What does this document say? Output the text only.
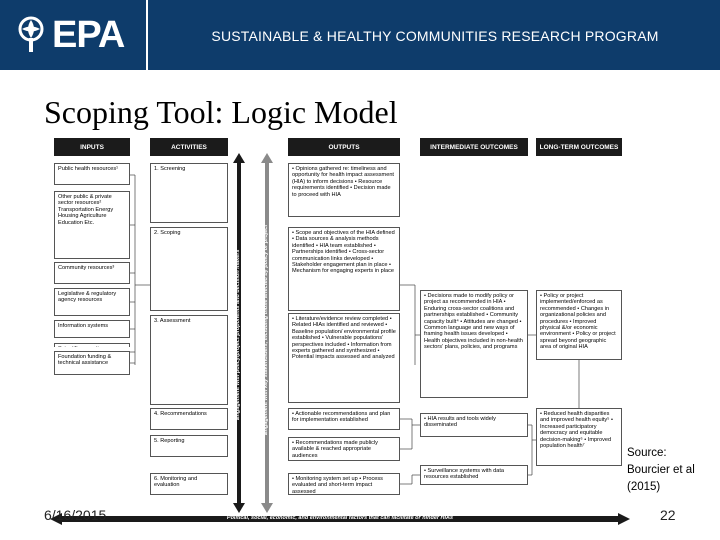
EPA	SUSTAINABLE & HEALTHY COMMUNITIES RESEARCH PROGRAM
Scoping Tool: Logic Model
INPUTS	ACTIVITIES	OUTPUTS	INTERMEDIATE OUTCOMES	LONG-TERM OUTCOMES
Public health resources¹
Other public & private sector resources² Transportation Energy Housing Agriculture Education Etc.
Community resources³
Legislative & regulatory agency resources
Information systems
Foundation funding & technical assistance
1. Screening
2. Scoping
3. Assessment
4. Recommendations
5. Reporting
6. Monitoring and evaluation
Engagement with policy/project proponents and decision makers	Engagement with key stakeholders, including those affected by policy or project
• Opinions gathered re: timeliness and opportunity for health impact assessment (HIA) to inform decisions • Resource requirements identified • Decision made to proceed with HIA
• Scope and objectives of the HIA defined • Data sources & analysis methods identified • HIA team established • Partnerships identified • Cross-sector communication links developed • Stakeholder engagement plan in place • Mechanism for engaging experts in place
• Literature/evidence review completed • Related HIAs identified and reviewed • Baseline population/ environmental profile established • Vulnerable populations’ perspectives included • Information from experts gathered and synthesized • Potential impacts assessed and analyzed
• Actionable recommendations and plan for implementation established
• Recommendations made publicly available & reached appropriate audiences
• Monitoring system set up • Process evaluated and short-term impact assessed
• Decisions made to modify policy or project as recommended in HIA • Enduring cross-sector coalitions and partnerships established • Community capacity built⁴ • Attitudes are changed • Common language and new ways of framing health issues developed • Health objectives included in non-health sectors’ plans, policies, and programs
• HIA results and tools widely disseminated
• Surveillance systems with data resources established
• Policy or project implemented/enforced as recommended • Changes in organizational policies and procedures • Improved physical &/or economic environment • Policy or project spread beyond geographic area of original HIA
• Reduced health disparities and improved health equity⁵ • Increased participatory democracy and equitable decision-making⁶ • Improved population health⁷
Political, social, economic, and environmental factors that can facilitate or hinder HIAs
Source:
Bourcier et al
(2015)
6/16/2015	22
